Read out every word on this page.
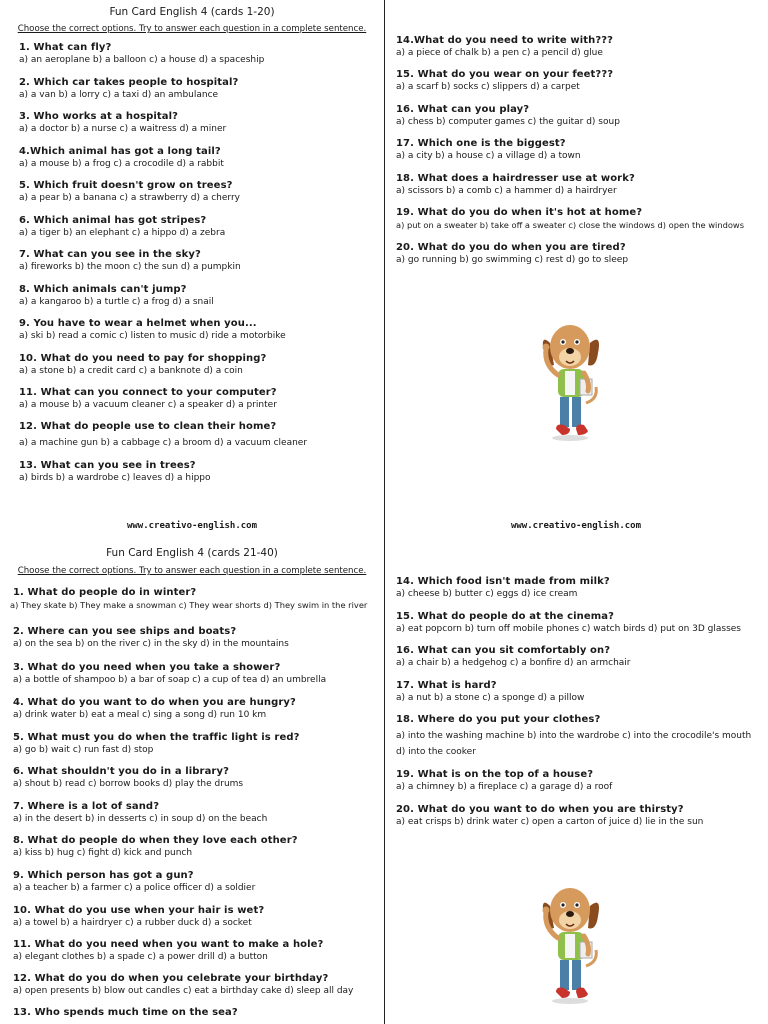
Fun Card English 4 (cards 1-20)
Choose the correct options. Try to answer each question in a complete sentence.
1. What can fly?
a) an aeroplane b) a balloon c) a house d) a spaceship
2. Which car takes people to hospital?
a) a van b) a lorry c) a taxi d) an ambulance
3. Who works at a hospital?
a) a doctor b) a nurse c) a waitress d) a miner
4.Which animal has got a long tail?
a) a mouse b) a frog c) a crocodile d) a rabbit
5. Which fruit doesn't grow on trees?
a) a pear b) a banana c) a strawberry d) a cherry
6. Which animal has got stripes?
a) a tiger b) an elephant c) a hippo d) a zebra
7. What can you see in the sky?
a) fireworks b) the moon c) the sun d) a pumpkin
8. Which animals can't jump?
a) a kangaroo b) a turtle c) a frog d) a snail
9. You have to wear a helmet when you...
a) ski b) read a comic c) listen to music d) ride a motorbike
10. What do you need to pay for shopping?
a) a stone b) a credit card c) a banknote d) a coin
11. What can you connect to your computer?
a) a mouse b) a vacuum cleaner c) a speaker d) a printer
12. What do people use to clean their home?
a) a machine gun b) a cabbage c) a broom d) a vacuum cleaner
13. What can you see in trees?
a) birds b) a wardrobe c) leaves d) a hippo
14.What do you need to write with???
a) a piece of chalk b) a pen c) a pencil d) glue
15. What do you wear on your feet???
a) a scarf b) socks c) slippers d) a carpet
16. What can you play?
a) chess b) computer games c) the guitar d) soup
17. Which one is the biggest?
a) a city b) a house c) a village d) a town
18. What does a hairdresser use at work?
a) scissors b) a comb c) a hammer d) a hairdryer
19. What do you do when it's hot at home?
a) put on a sweater b) take off a sweater c) close the windows d) open the windows
20. What do you do when you are tired?
a) go running b) go swimming c) rest d) go to sleep
www.creativo-english.com	www.creativo-english.com
Fun Card English 4 (cards 21-40)
Choose the correct options. Try to answer each question in a complete sentence.
1. What do people do in winter?
a) They skate b) They make a snowman c) They wear shorts d) They swim in the river
2. Where can you see ships and boats?
a) on the sea b) on the river c) in the sky d) in the mountains
3. What do you need when you take a shower?
a) a bottle of shampoo b) a bar of soap c) a cup of tea d) an umbrella
4. What do you want to do when you are hungry?
a) drink water b) eat a meal c) sing a song d) run 10 km
5. What must you do when the traffic light is red?
a) go b) wait c) run fast d) stop
6. What shouldn't you do in a library?
a) shout b) read c) borrow books d) play the drums
7. Where is a lot of sand?
a) in the desert b) in desserts c) in soup d) on the beach
8. What do people do when they love each other?
a) kiss b) hug c) fight d) kick and punch
9. Which person has got a gun?
a) a teacher b) a farmer c) a police officer d) a soldier
10. What do you use when your hair is wet?
a) a towel b) a hairdryer c) a rubber duck d) a socket
11. What do you need when you want to make a hole?
a) elegant clothes b) a spade c) a power drill d) a button
12. What do you do when you celebrate your birthday?
a) open presents b) blow out candles c) eat a birthday cake d) sleep all day
13. Who spends much time on the sea?
14. Which food isn't made from milk?
a) cheese b) butter c) eggs d) ice cream
15. What do people do at the cinema?
a) eat popcorn b) turn off mobile phones c) watch birds d) put on 3D glasses
16. What can you sit comfortably on?
a) a chair b) a hedgehog c) a bonfire d) an armchair
17. What is hard?
a) a nut b) a stone c) a sponge d) a pillow
18. Where do you put your clothes?
a) into the washing machine b) into the wardrobe c) into the crocodile's mouth
d) into the cooker
19. What is on the top of a house?
a) a chimney b) a fireplace c) a garage d) a roof
20. What do you want to do when you are thirsty?
a) eat crisps b) drink water c) open a carton of juice d) lie in the sun
